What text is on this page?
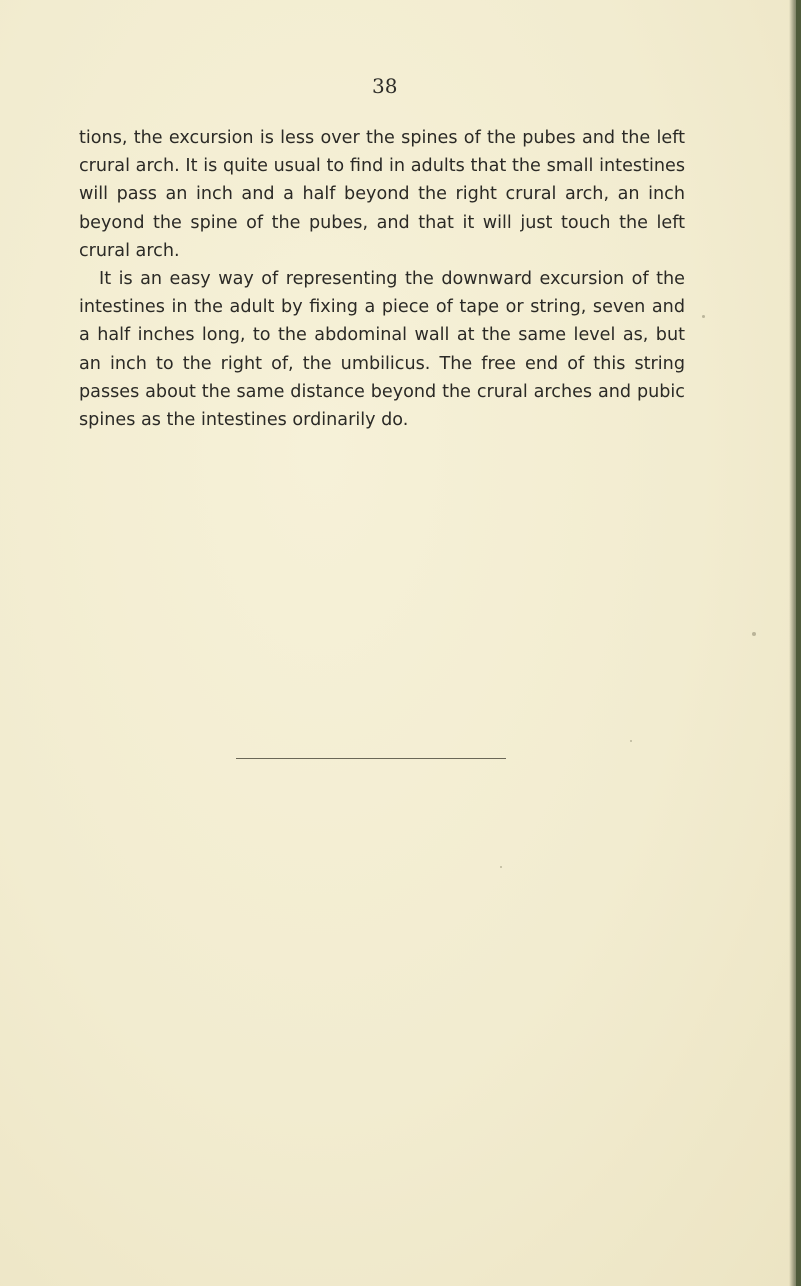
38

tions, the excursion is less over the spines of the pubes and the left crural arch. It is quite usual to find in adults that the small intestines will pass an inch and a half beyond the right crural arch, an inch beyond the spine of the pubes, and that it will just touch the left crural arch.

It is an easy way of representing the downward excursion of the intestines in the adult by fixing a piece of tape or string, seven and a half inches long, to the abdominal wall at the same level as, but an inch to the right of, the umbilicus. The free end of this string passes about the same distance beyond the crural arches and pubic spines as the intestines ordinarily do.
